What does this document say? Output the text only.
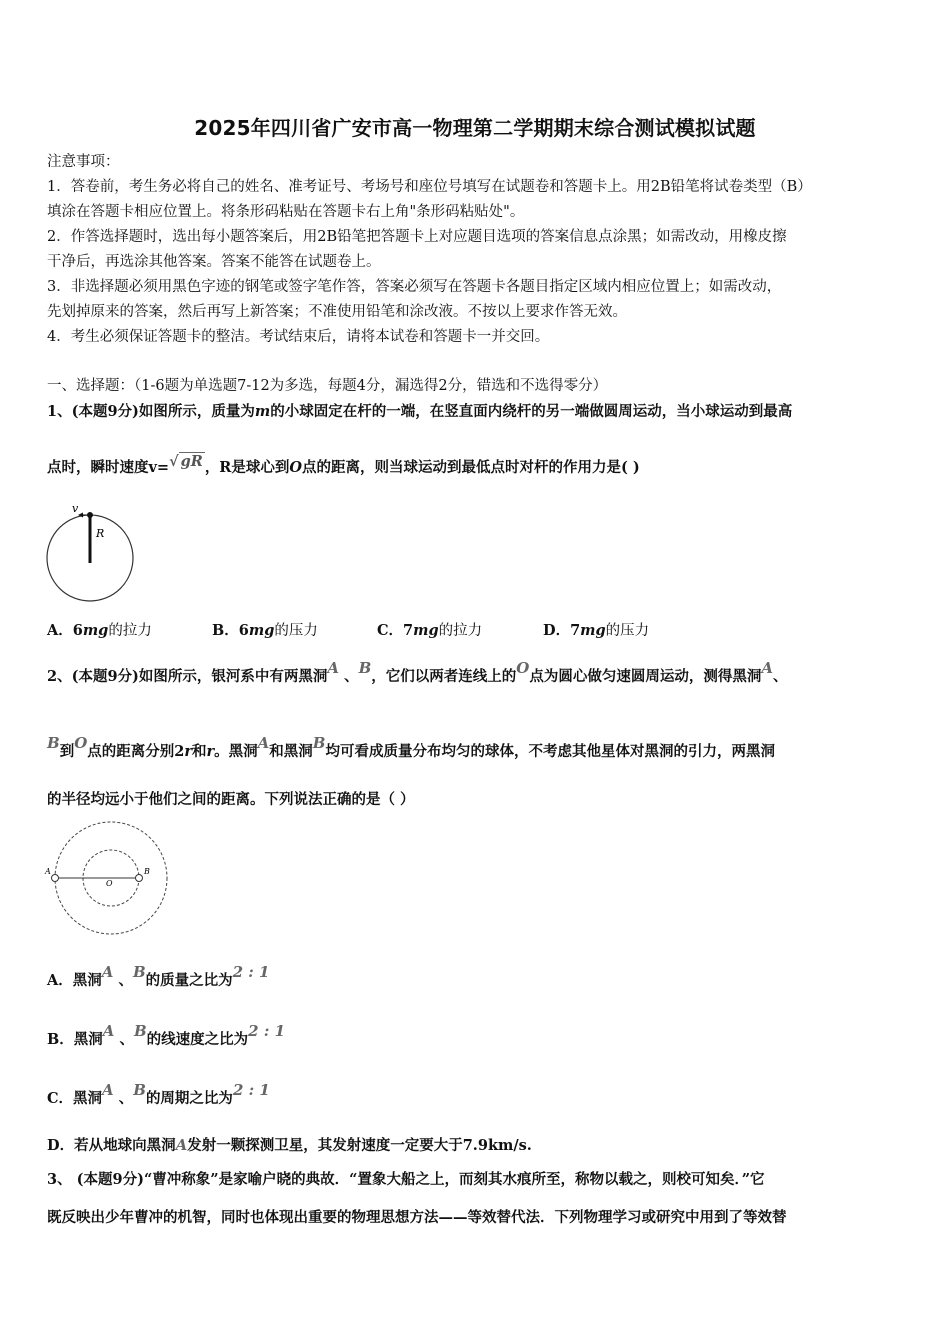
2025年四川省广安市高一物理第二学期期末综合测试模拟试题
注意事项：
1．答卷前，考生务必将自己的姓名、准考证号、考场号和座位号填写在试题卷和答题卡上。用2B铅笔将试卷类型（B）
填涂在答题卡相应位置上。将条形码粘贴在答题卡右上角"条形码粘贴处"。
2．作答选择题时，选出每小题答案后，用2B铅笔把答题卡上对应题目选项的答案信息点涂黑；如需改动，用橡皮擦
干净后，再选涂其他答案。答案不能答在试题卷上。
3．非选择题必须用黑色字迹的钢笔或签字笔作答，答案必须写在答题卡各题目指定区域内相应位置上；如需改动，
先划掉原来的答案，然后再写上新答案；不准使用铅笔和涂改液。不按以上要求作答无效。
4．考生必须保证答题卡的整洁。考试结束后，请将本试卷和答题卡一并交回。
一、选择题：（1-6题为单选题7-12为多选，每题4分，漏选得2分，错选和不选得零分）
1、(本题9分)如图所示，质量为m的小球固定在杆的一端，在竖直面内绕杆的另一端做圆周运动，当小球运动到最高
点时，瞬时速度v=√ gR ，R是球心到O点的距离，则当球运动到最低点时对杆的作用力是( )
v
R
A．6mg的拉力	B．6mg的压力	C．7mg的拉力	D．7mg的压力
2、(本题9分)如图所示，银河系中有两黑洞A 、B，它们以两者连线上的O点为圆心做匀速圆周运动，测得黑洞A、
B到O点的距离分别2r和r。黑洞A和黑洞B均可看成质量分布均匀的球体，不考虑其他星体对黑洞的引力，两黑洞
的半径均远小于他们之间的距离。下列说法正确的是（ ）
A
O
B
A．黑洞A 、B的质量之比为2 : 1
B．黑洞A 、B的线速度之比为2 : 1
C．黑洞A 、B的周期之比为2 : 1
D．若从地球向黑洞A发射一颗探测卫星，其发射速度一定要大于7.9km/s.
3、 (本题9分)“曹冲称象”是家喻户晓的典故．“置象大船之上，而刻其水痕所至，称物以载之，则校可知矣．”它
既反映出少年曹冲的机智，同时也体现出重要的物理思想方法——等效替代法．下列物理学习或研究中用到了等效替
